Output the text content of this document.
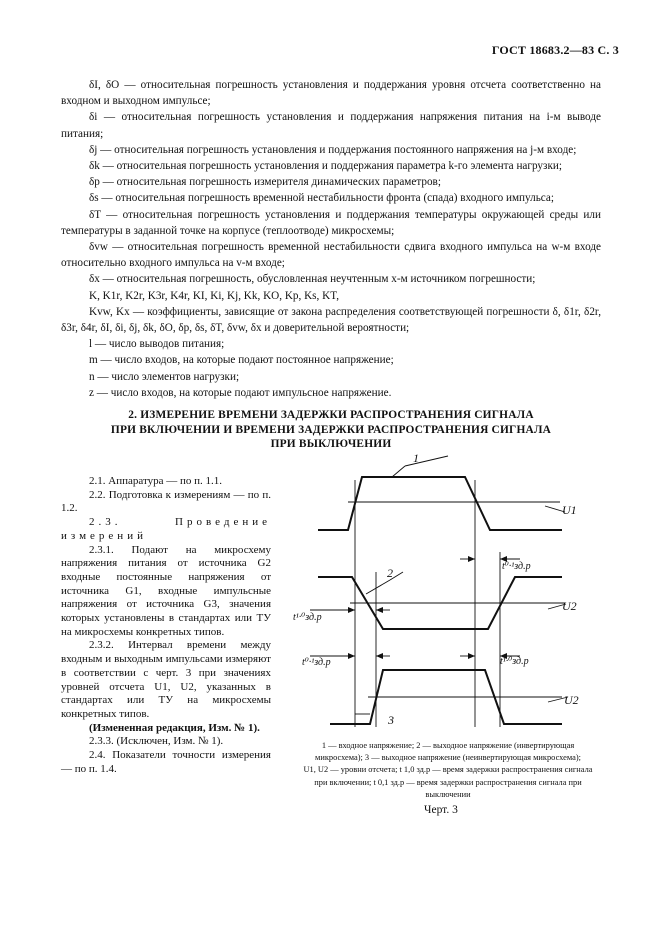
ГОСТ 18683.2—83 С. 3

δI, δO — относительная погрешность установления и поддержания уровня отсчета соответственно на входном и выходном импульсе;

δi — относительная погрешность установления и поддержания напряжения питания на i-м выводе питания;

δj — относительная погрешность установления и поддержания постоянного напряжения на j-м входе;

δk — относительная погрешность установления и поддержания параметра k-го элемента нагрузки;

δp — относительная погрешность измерителя динамических параметров;

δs — относительная погрешность временной нестабильности фронта (спада) входного импульса;

δT — относительная погрешность установления и поддержания температуры окружающей среды или температуры в заданной точке на корпусе (теплоотводе) микросхемы;

δvw — относительная погрешность временной нестабильности сдвига входного импульса на w-м входе относительно входного импульса на v-м входе;

δx — относительная погрешность, обусловленная неучтенным x-м источником погрешности;

K, K1r, K2r, K3r, K4r, KI, Ki, Kj, Kk, KO, Kp, Ks, KT,

Kvw, Kx — коэффициенты, зависящие от закона распределения соответствующей погрешности δ, δ1r, δ2r, δ3r, δ4r, δI, δi, δj, δk, δO, δp, δs, δT, δvw, δx и доверительной вероятности;

l — число выводов питания;

m — число входов, на которые подают постоянное напряжение;

n — число элементов нагрузки;

z — число входов, на которые подают импульсное напряжение.

2. ИЗМЕРЕНИЕ ВРЕМЕНИ ЗАДЕРЖКИ РАСПРОСТРАНЕНИЯ СИГНАЛА
ПРИ ВКЛЮЧЕНИИ И ВРЕМЕНИ ЗАДЕРЖКИ РАСПРОСТРАНЕНИЯ СИГНАЛА
ПРИ ВЫКЛЮЧЕНИИ

2.1. Аппаратура — по п. 1.1.

2.2. Подготовка к измерениям — по п. 1.2.

2.3. Проведение измерений

2.3.1. Подают на микросхему напряжения питания от источника G2 входные постоянные напряжения от источника G1, входные импульсные напряжения от источника G3, значения которых установлены в стандартах или ТУ на микросхемы конкретных типов.

2.3.2. Интервал времени между входным и выходным импульсами измеряют в соответствии с черт. 3 при значениях уровней отсчета U1, U2, указанных в стандартах или ТУ на микросхемы конкретных типов.

(Измененная редакция, Изм. № 1).

2.3.3. (Исключен, Изм. № 1).

2.4. Показатели точности измерения — по п. 1.4.

1
2
3
U1
U2
U2
t⁰·¹зд.р
t¹·⁰зд.р
t⁰·¹зд.р	t¹·⁰зд.р
1 — входное напряжение; 2 — выходное напряжение (инвертирующая
микросхема); 3 — выходное напряжение (неинвертирующая микросхема);
U1, U2 — уровни отсчета; t 1,0 зд.р — время задержки распространения сигнала
при включении; t 0,1 зд.р — время задержки распространения сигнала при
выключении
Черт. 3
